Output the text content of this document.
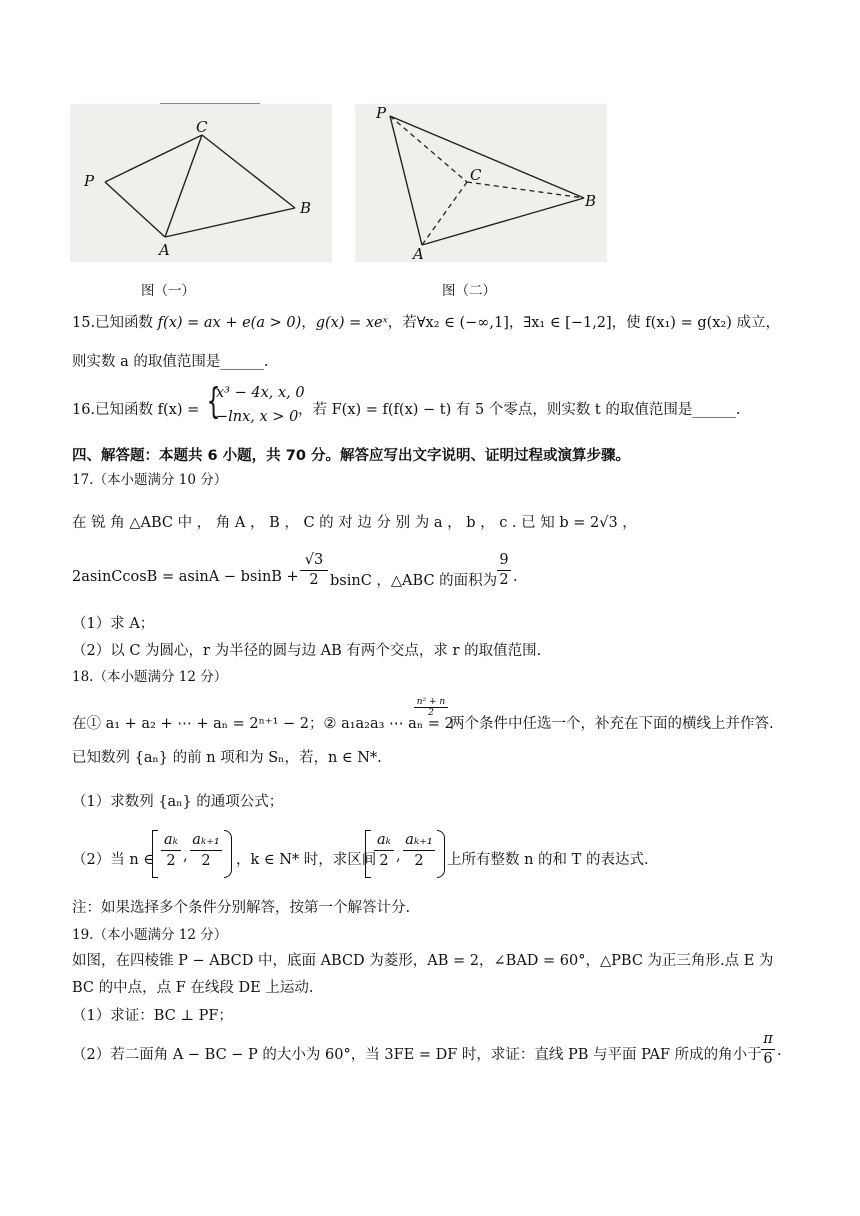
P
C
B
A
P
C
B
A
图（一）	图（二）
15.已知函数 f(x) = ax + e(a > 0)，g(x) = xeˣ，若∀x₂ ∈ (−∞,1]，∃x₁ ∈ [−1,2]，使 f(x₁) = g(x₂) 成立，
则实数 a 的取值范围是______.
16.已知函数 f(x) = {
x³ − 4x, x, 0
−lnx, x > 0 ，若 F(x) = f(f(x) − t) 有 5 个零点，则实数 t 的取值范围是______.
四、解答题：本题共 6 小题，共 70 分。解答应写出文字说明、证明过程或演算步骤。
17.（本小题满分 10 分）
在 锐 角 △ABC 中 ， 角 A ， B ， C 的 对 边 分 别 为 a ， b ， c . 已 知 b = 2√3 ，
2asinCcosB = $asinA - bsinB + \frac{√3}{2}$ bsinC ，△ABC 的面积为 $\frac{9}{2}$ .
（1）求 A；
（2）以 C 为圆心，r 为半径的圆与边 AB 有两个交点，求 r 的取值范围.
18.（本小题满分 12 分）
在① a₁ + a₂ + ⋯ + aₙ = 2ⁿ⁺¹ − 2；② a₁a₂a₃ ⋯ aₙ = 2
$\frac{\text{n² + n}}{2}$
两个条件中任选一个，补充在下面的横线上并作答.
已知数列 {aₙ} 的前 n 项和为 Sₙ，若，n ∈ N*.
（1）求数列 {aₙ} 的通项公式；
（2）当 n ∈ $\frac{\text{aₖ}}{2}$ , $\frac{\text{aₖ₊₁}}{2}$ ，k ∈ N* 时，求区间
$\frac{\text{aₖ}}{2}$ , $\frac{\text{aₖ₊₁}}{2}$ 上所有整数 n 的和 T 的表达式.
注：如果选择多个条件分别解答，按第一个解答计分.
19.（本小题满分 12 分）
如图，在四棱锥 P − ABCD 中，底面 ABCD 为菱形，AB = 2，∠BAD = 60°，△PBC 为正三角形.点 E 为
BC 的中点，点 F 在线段 DE 上运动.
（1）求证：BC ⊥ PF；
（2）若二面角 A − BC − P 的大小为 60°，当 3FE = DF 时，求证：直线 PB 与平面 PAF 所成的角小于 $\frac{\pi}{6}$ .
